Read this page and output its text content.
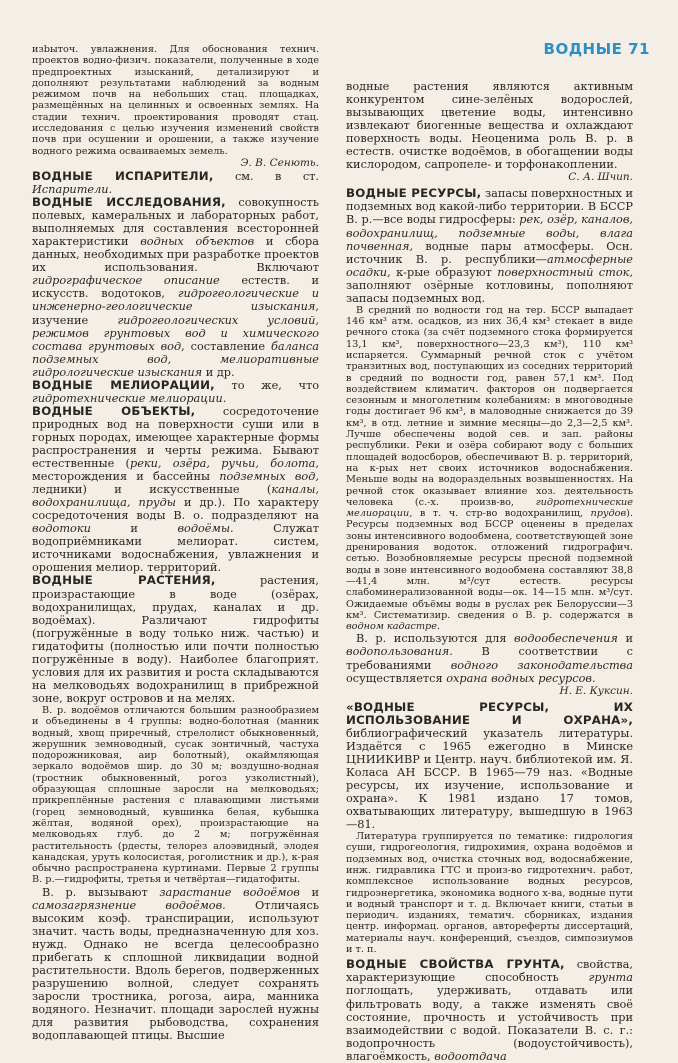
ВОДНЫЕ 71

изbыточ. увлажнения. Для обоснования технич. проектов водно-физич. показатели, полученные в ходе предпроектных изысканий, детализируют и дополняют результатами наблюдений за водным режимом почв на небольших стац. площадках, размещённых на целинных и освоенных землях. На стадии технич. проектирования проводят стац. исследования с целью изучения изменений свойств почв при осушении и орошении, а также изучение водного режима осваиваемых земель.

Э. В. Сенють.

ВОДНЫЕ ИСПАРИТЕЛИ, см. в ст. Испарители.

ВОДНЫЕ ИССЛЕДОВАНИЯ, совокупность полевых, камеральных и лабораторных работ, выполняемых для составления всесторонней характеристики водных объектов и сбора данных, необходимых при разработке проектов их использования. Включают гидрографическое описание естеств. и искусств. водотоков, гидрогеологические и инженерно-геологические изыскания, изучение гидрогеологических условий, режимов грунтовых вод и химического состава грунтовых вод, составление баланса подземных вод, мелиоративные гидрологические изыскания и др.

ВОДНЫЕ МЕЛИОРАЦИИ, то же, что гидротехнические мелиорации.

ВОДНЫЕ ОБЪЕКТЫ, сосредоточение природных вод на поверхности суши или в горных породах, имеющее характерные формы распространения и черты режима. Бывают естественные (реки, озёра, ручьи, болота, месторождения и бассейны подземных вод, ледники) и искусственные (каналы, водохранилища, пруды и др.). По характеру сосредоточения воды В. о. подразделяют на водотоки и водоёмы. Служат водоприёмниками мелиорат. систем, источниками водоснабжения, увлажнения и орошения мелиор. территорий.

ВОДНЫЕ РАСТЕНИЯ, растения, произрастающие в воде (озёрах, водохранилищах, прудах, каналах и др. водоёмах). Различают гидрофиты (погружённые в воду только ниж. частью) и гидатофиты (полностью или почти полностью погружённые в воду). Наиболее благоприят. условия для их развития и роста складываются на мелководьях водохранилищ в прибрежной зоне, вокруг островов и на мелях.

В. р. водоёмов отличаются большим разнообразием и объединены в 4 группы: водно-болотная (манник водный, хвощ приречный, стрелолист обыкновенный, жерушник земноводный, сусак зонтичный, частуха подорожниковая, аир болотный), окаймляющая зеркало водоёмов шир. до 30 м; воздушно-водная (тростник обыкновенный, рогоз узколистный), образующая сплошные заросли на мелководьях; прикреплённые растения с плавающими листьями (горец земноводный, кувшинка белая, кубышка жёлтая, водяной орех), произрастающие на мелководьях глуб. до 2 м; погружённая растительность (рдесты, телорез алоэвидный, элодея канадская, уруть колосистая, роголистник и др.), к-рая обычно распространена куртинами. Первые 2 группы В. р.—гидрофиты, третья и четвёртая—гидатофиты.

В. р. вызывают зарастание водоёмов и самозагрязнение водоёмов. Отличаясь высоким коэф. транспирации, используют значит. часть воды, предназначенную для хоз. нужд. Однако не всегда целесообразно прибегать к сплошной ликвидации водной растительности. Вдоль берегов, подверженных разрушению волной, следует сохранять заросли тростника, рогоза, аира, манника водяного. Незначит. площади зарослей нужны для развития рыбоводства, сохранения водоплавающей птицы. Высшие

водные растения являются активным конкурентом сине-зелёных водорослей, вызывающих цветение воды, интенсивно извлекают биогенные вещества и охлаждают поверхность воды. Неоценима роль В. р. в естеств. очистке водоёмов, в обогащении воды кислородом, сапропеле- и торфонакоплении.

С. А. Шчип.

ВОДНЫЕ РЕСУРСЫ, запасы поверхностных и подземных вод какой-либо территории. В БССР В. р.—все воды гидросферы: рек, озёр, каналов, водохранилищ, подземные воды, влага почвенная, водные пары атмосферы. Осн. источник В. р. республики—атмосферные осадки, к-рые образуют поверхностный сток, заполняют озёрные котловины, пополняют запасы подземных вод.

В средний по водности год на тер. БССР выпадает 146 км³ атм. осадков, из них 36,4 км³ стекает в виде речного стока (за счёт подземного стока формируется 13,1 км³, поверхностного—23,3 км³), 110 км³ испаряется. Суммарный речной сток с учётом транзитных вод, поступающих из соседних территорий в средний по водности год, равен 57,1 км³. Под воздействием климатич. факторов он подвергается сезонным и многолетним колебаниям: в многоводные годы достигает 96 км³, в маловодные снижается до 39 км³, в отд. летние и зимние месяцы—до 2,3—2,5 км³. Лучше обеспечены водой сев. и зап. районы республики. Реки и озёра собирают воду с больших площадей водосборов, обеспечивают В. р. территорий, на к-рых нет своих источников водоснабжения. Меньше воды на водораздельных возвышенностях. На речной сток оказывает влияние хоз. деятельность человека (с.-х. произв-во, гидротехнические мелиорации, в т. ч. стр-во водохранилищ, прудов). Ресурсы подземных вод БССР оценены в пределах зоны интенсивного водообмена, соответствующей зоне дренирования водоток. отложений гидрографич. сетью. Возобновляемые ресурсы пресной подземной воды в зоне интенсивного водообмена составляют 38,8—41,4 млн. м³/сут естеств. ресурсы слабоминерализованной воды—ок. 14—15 млн. м³/сут. Ожидаемые объёмы воды в руслах рек Белоруссии—3 км³. Систематизир. сведения о В. р. содержатся в водном кадастре.

В. р. используются для водообеспечения и водопользования. В соответствии с требованиями водного законодательства осуществляется охрана водных ресурсов.

Н. Е. Куксин.

«ВОДНЫЕ РЕСУРСЫ, ИХ ИСПОЛЬЗОВАНИЕ И ОХРАНА», библиографический указатель литературы. Издаётся с 1965 ежегодно в Минске ЦНИИКИВР и Центр. науч. библиотекой им. Я. Коласа АН БССР. В 1965—79 наз. «Водные ресурсы, их изучение, использование и охрана». К 1981 издано 17 томов, охватывающих литературу, вышедшую в 1963—81.

Литература группируется по тематике: гидрология суши, гидрогеология, гидрохимия, охрана водоёмов и подземных вод, очистка сточных вод, водоснабжение, инж. гидравлика ГТС и произ-во гидротехнич. работ, комплексное использование водных ресурсов, гидроэнергетика, экономика водного х-ва, водные пути и водный транспорт и т. д. Включает книги, статьи в периодич. изданиях, тематич. сборниках, издания центр. информац. органов, автореферты диссертаций, материалы науч. конференций, съездов, симпозиумов и т. п.

ВОДНЫЕ СВОЙСТВА ГРУНТА, свойства, характеризующие способность грунта поглощать, удерживать, отдавать или фильтровать воду, а также изменять своё состояние, прочность и устойчивость при взаимодействии с водой. Показатели В. с. г.: водопрочность (водоустойчивость), влагоёмкость, водоотдача
